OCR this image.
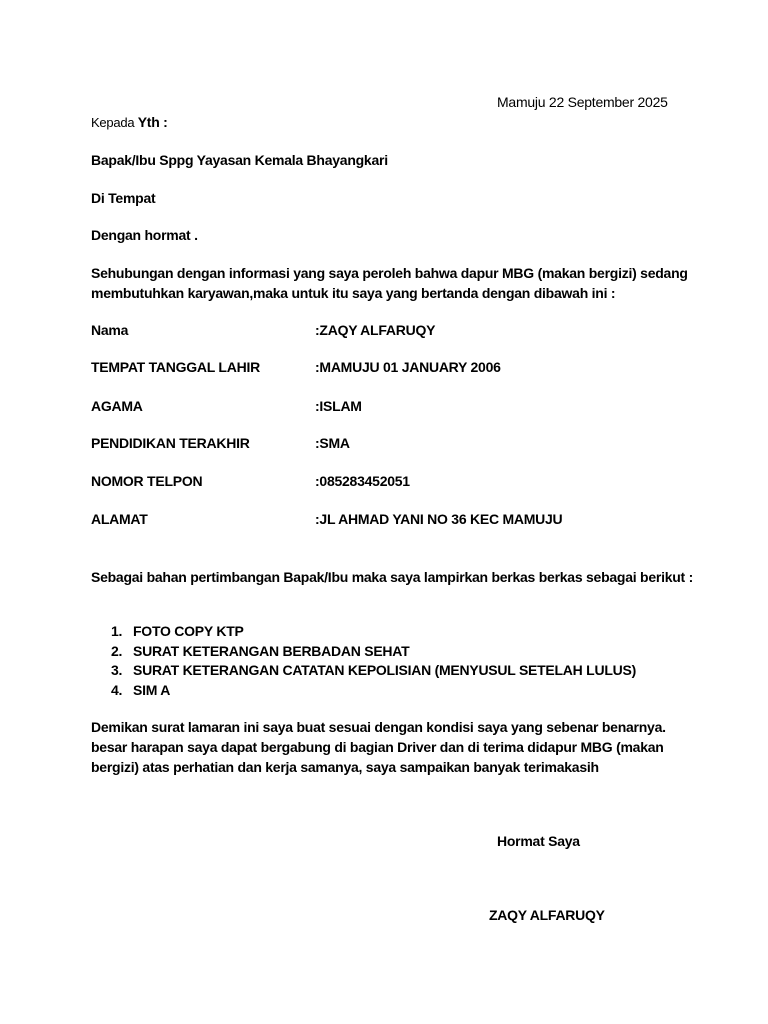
Mamuju 22 September 2025
Kepada Yth :
Bapak/Ibu Sppg Yayasan Kemala Bhayangkari
Di Tempat
Dengan hormat .
Sehubungan dengan informasi yang saya peroleh bahwa dapur MBG (makan bergizi) sedang
membutuhkan karyawan,maka untuk itu saya yang bertanda dengan dibawah ini :
Nama	:ZAQY ALFARUQY
TEMPAT TANGGAL LAHIR	:MAMUJU 01 JANUARY 2006
AGAMA	:ISLAM
PENDIDIKAN TERAKHIR	:SMA
NOMOR TELPON	:085283452051
ALAMAT	:JL AHMAD YANI NO 36 KEC MAMUJU
Sebagai bahan pertimbangan Bapak/Ibu maka saya lampirkan berkas berkas sebagai berikut :
1. FOTO COPY KTP
2. SURAT KETERANGAN BERBADAN SEHAT
3. SURAT KETERANGAN CATATAN KEPOLISIAN (MENYUSUL SETELAH LULUS)
4. SIM A
Demikan surat lamaran ini saya buat sesuai dengan kondisi saya yang sebenar benarnya.
besar harapan saya dapat bergabung di bagian Driver dan di terima didapur MBG (makan
bergizi) atas perhatian dan kerja samanya, saya sampaikan banyak terimakasih
Hormat Saya
ZAQY ALFARUQY
